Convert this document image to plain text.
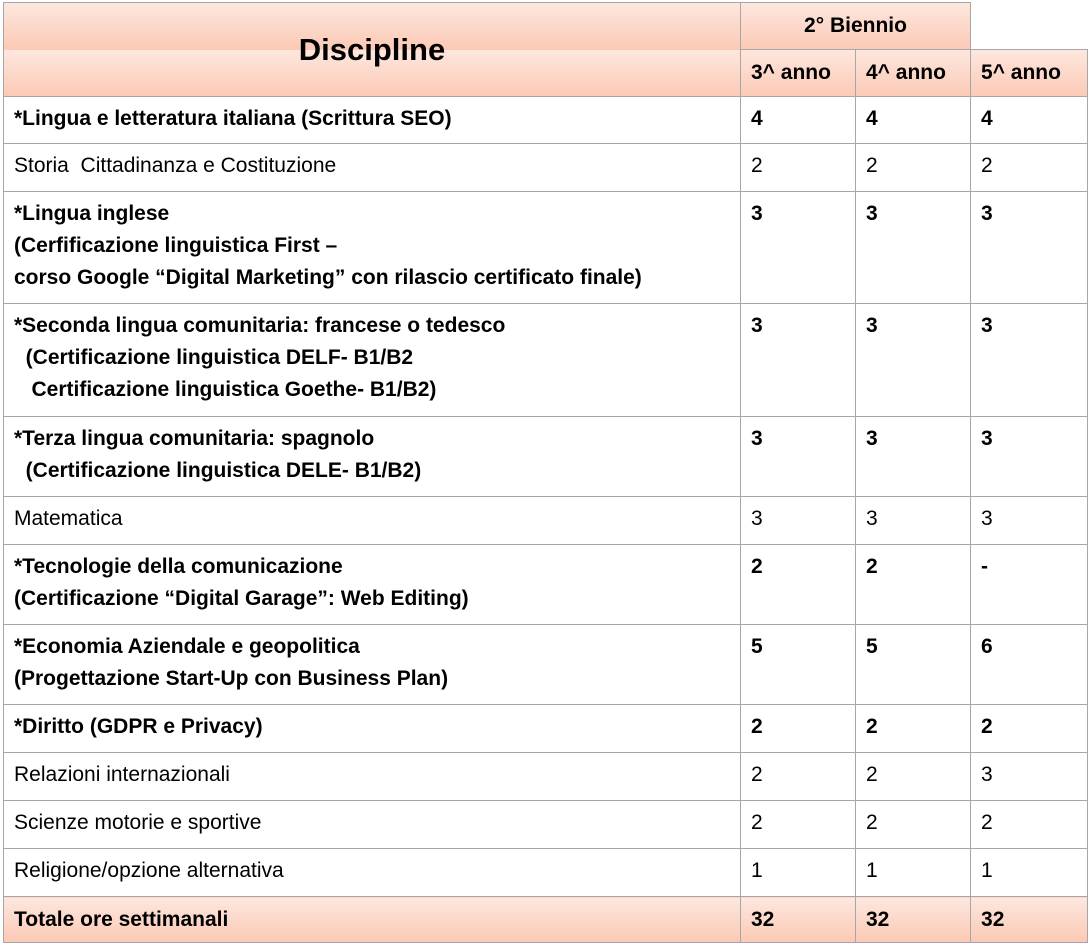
Discipline	2° Biennio		
	3^ anno	4^ anno	5^ anno

*Lingua e letteratura italiana (Scrittura SEO)	4	4	4

Storia  Cittadinanza e Costituzione	2	2	2

*Lingua inglese
(Cerfificazione linguistica First –
corso Google “Digital Marketing” con rilascio certificato finale)	3	3	3

*Seconda lingua comunitaria: francese o tedesco
(Certificazione linguistica DELF- B1/B2
Certificazione linguistica Goethe- B1/B2)	3	3	3

*Terza lingua comunitaria: spagnolo
(Certificazione linguistica DELE- B1/B2)	3	3	3

Matematica	3	3	3

*Tecnologie della comunicazione
(Certificazione “Digital Garage”: Web Editing)	2	2	-

*Economia Aziendale e geopolitica
(Progettazione Start-Up con Business Plan)	5	5	6

*Diritto (GDPR e Privacy)	2	2	2

Relazioni internazionali	2	2	3

Scienze motorie e sportive	2	2	2

Religione/opzione alternativa	1	1	1
Totale ore settimanali	32	32	32
